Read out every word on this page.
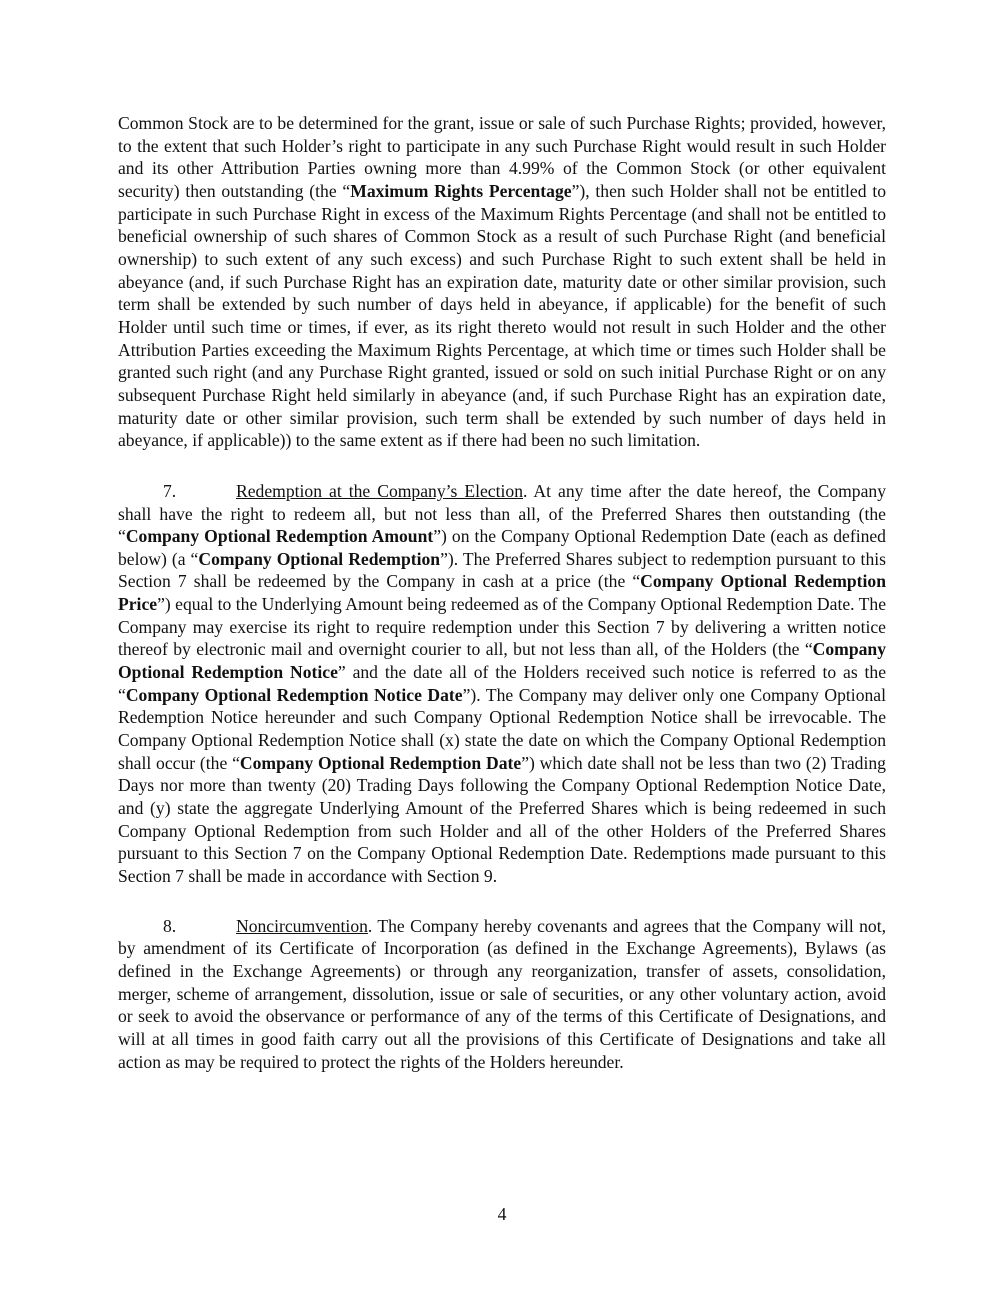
Common Stock are to be determined for the grant, issue or sale of such Purchase Rights; provided, however, to the extent that such Holder’s right to participate in any such Purchase Right would result in such Holder and its other Attribution Parties owning more than 4.99% of the Common Stock (or other equivalent security) then outstanding (the “Maximum Rights Percentage”), then such Holder shall not be entitled to participate in such Purchase Right in excess of the Maximum Rights Percentage (and shall not be entitled to beneficial ownership of such shares of Common Stock as a result of such Purchase Right (and beneficial ownership) to such extent of any such excess) and such Purchase Right to such extent shall be held in abeyance (and, if such Purchase Right has an expiration date, maturity date or other similar provision, such term shall be extended by such number of days held in abeyance, if applicable) for the benefit of such Holder until such time or times, if ever, as its right thereto would not result in such Holder and the other Attribution Parties exceeding the Maximum Rights Percentage, at which time or times such Holder shall be granted such right (and any Purchase Right granted, issued or sold on such initial Purchase Right or on any subsequent Purchase Right held similarly in abeyance (and, if such Purchase Right has an expiration date, maturity date or other similar provision, such term shall be extended by such number of days held in abeyance, if applicable)) to the same extent as if there had been no such limitation.

7.	Redemption at the Company’s Election. At any time after the date hereof, the Company shall have the right to redeem all, but not less than all, of the Preferred Shares then outstanding (the “Company Optional Redemption Amount”) on the Company Optional Redemption Date (each as defined below) (a “Company Optional Redemption”). The Preferred Shares subject to redemption pursuant to this Section 7 shall be redeemed by the Company in cash at a price (the “Company Optional Redemption Price”) equal to the Underlying Amount being redeemed as of the Company Optional Redemption Date. The Company may exercise its right to require redemption under this Section 7 by delivering a written notice thereof by electronic mail and overnight courier to all, but not less than all, of the Holders (the “Company Optional Redemption Notice” and the date all of the Holders received such notice is referred to as the “Company Optional Redemption Notice Date”). The Company may deliver only one Company Optional Redemption Notice hereunder and such Company Optional Redemption Notice shall be irrevocable. The Company Optional Redemption Notice shall (x) state the date on which the Company Optional Redemption shall occur (the “Company Optional Redemption Date”) which date shall not be less than two (2) Trading Days nor more than twenty (20) Trading Days following the Company Optional Redemption Notice Date, and (y) state the aggregate Underlying Amount of the Preferred Shares which is being redeemed in such Company Optional Redemption from such Holder and all of the other Holders of the Preferred Shares pursuant to this Section 7 on the Company Optional Redemption Date. Redemptions made pursuant to this Section 7 shall be made in accordance with Section 9.

8.	Noncircumvention. The Company hereby covenants and agrees that the Company will not, by amendment of its Certificate of Incorporation (as defined in the Exchange Agreements), Bylaws (as defined in the Exchange Agreements) or through any reorganization, transfer of assets, consolidation, merger, scheme of arrangement, dissolution, issue or sale of securities, or any other voluntary action, avoid or seek to avoid the observance or performance of any of the terms of this Certificate of Designations, and will at all times in good faith carry out all the provisions of this Certificate of Designations and take all action as may be required to protect the rights of the Holders hereunder.

4
